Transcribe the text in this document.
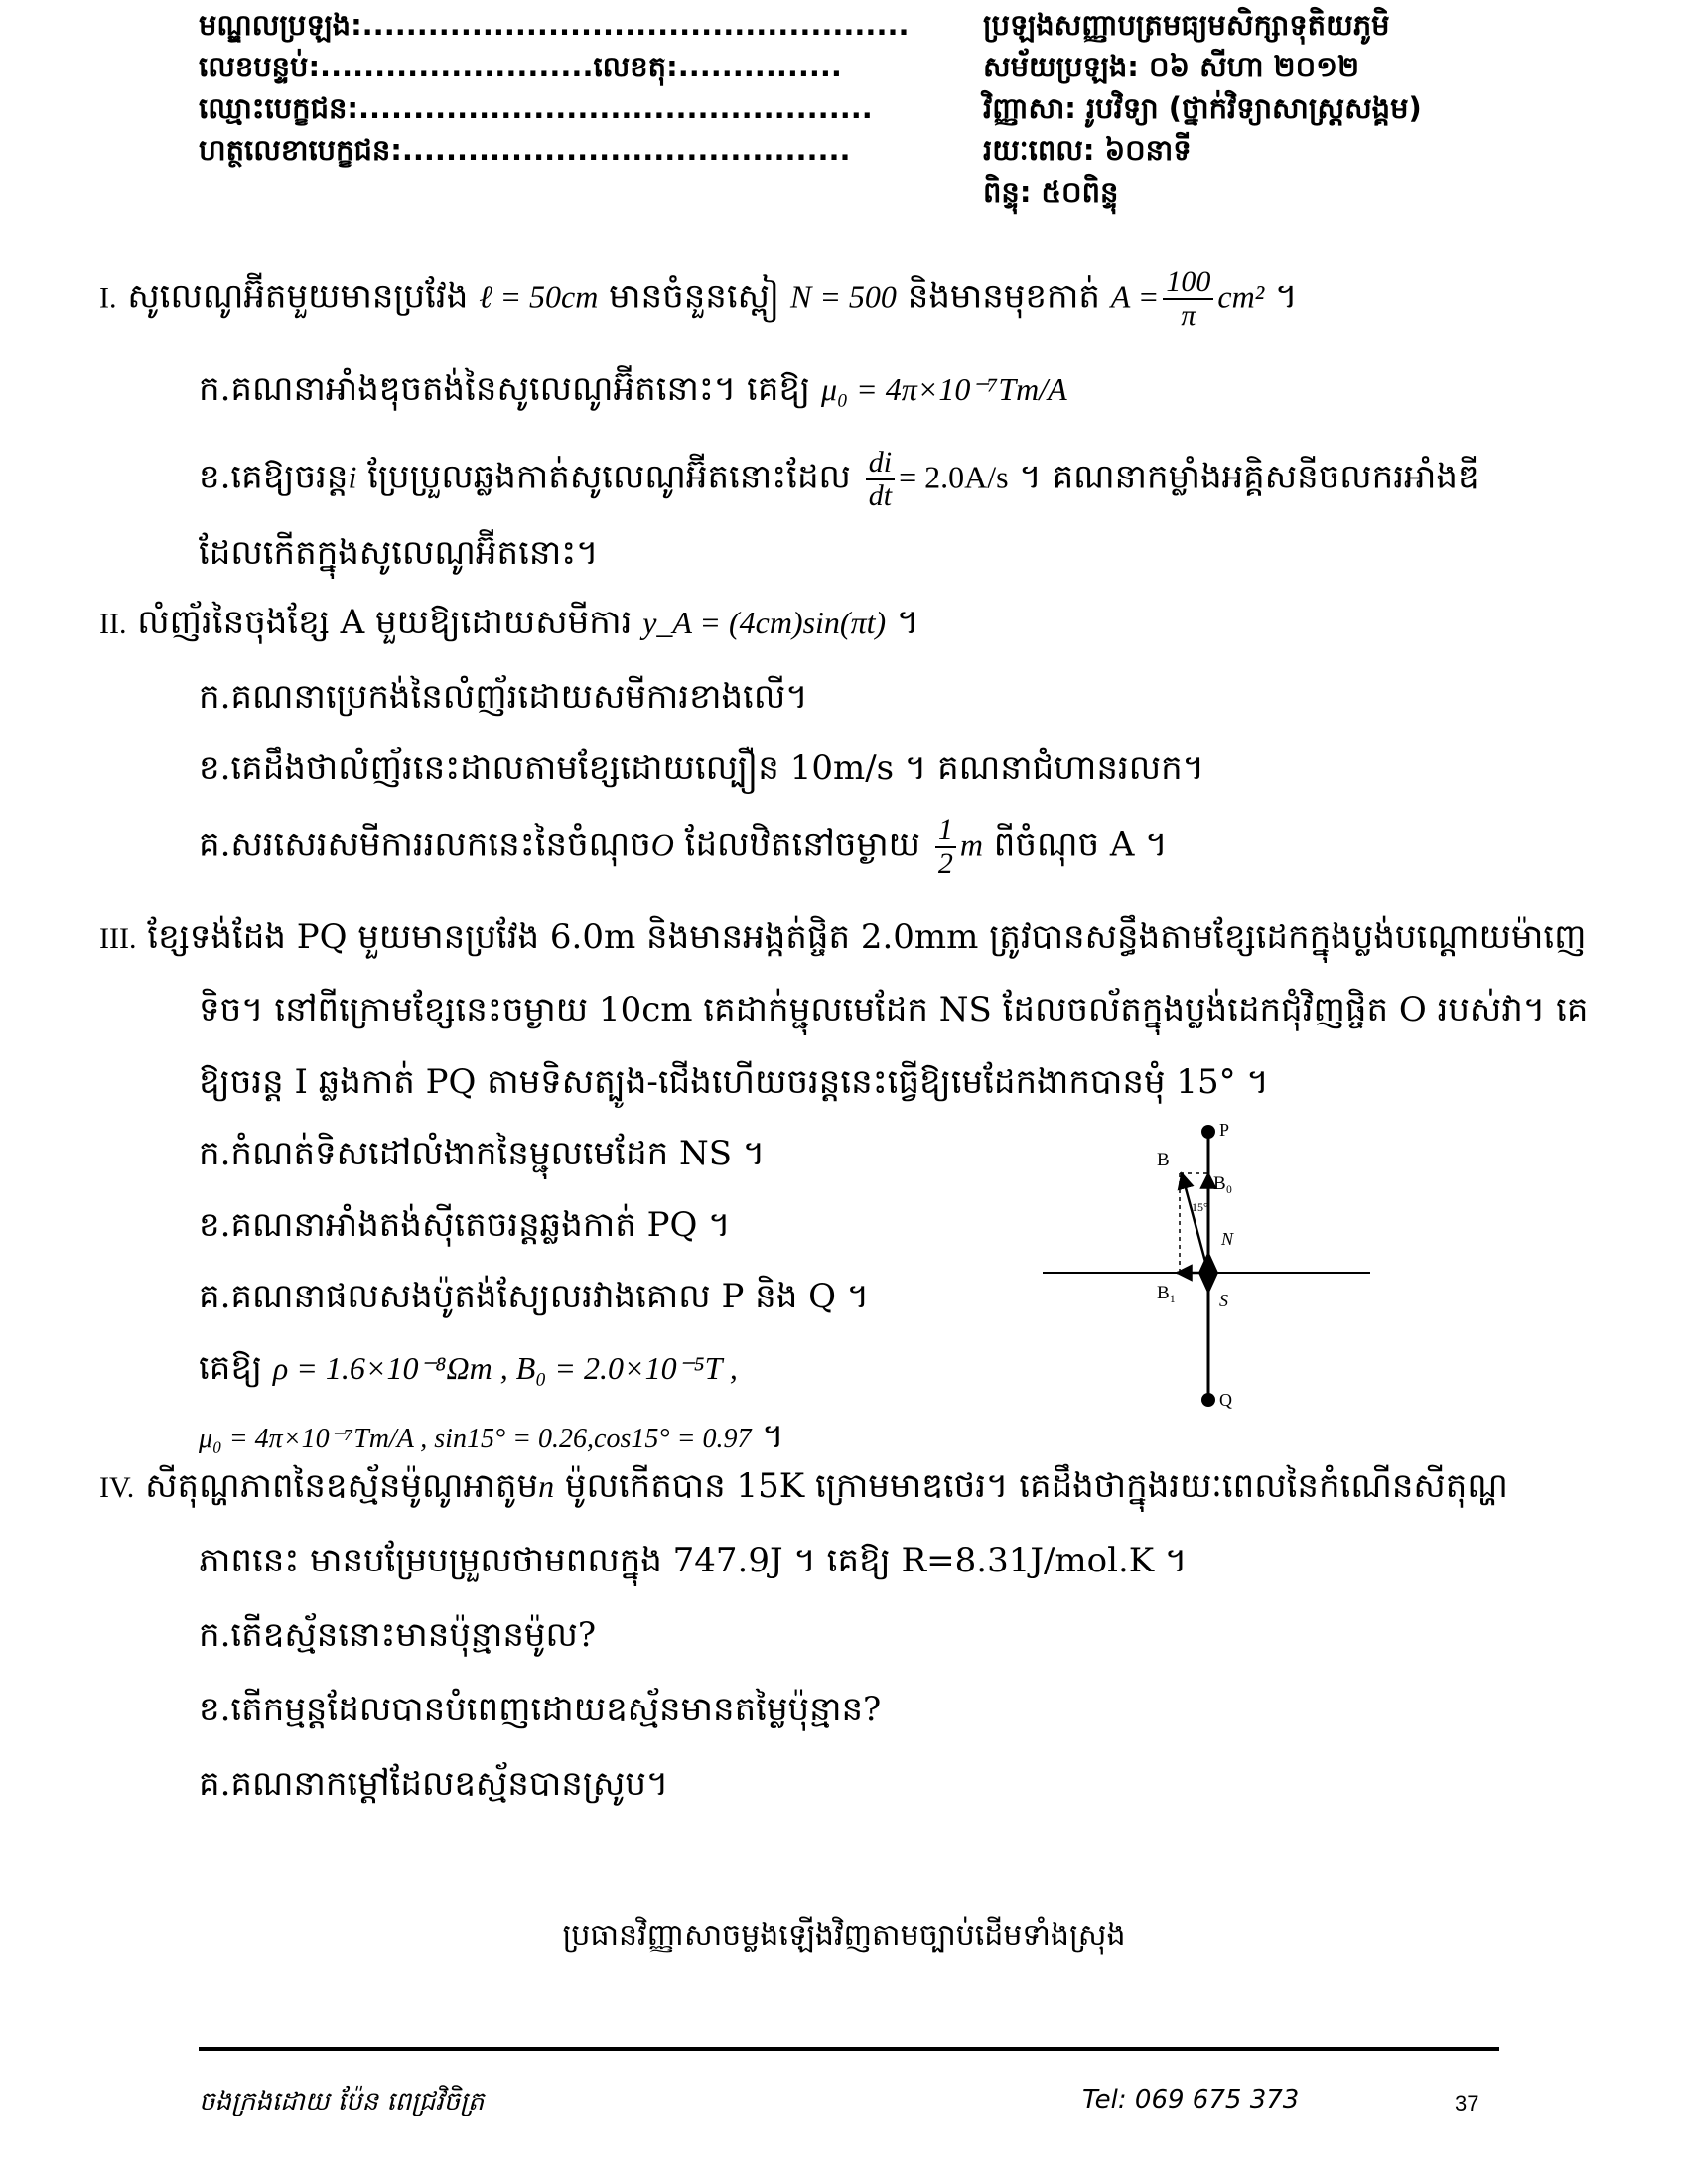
មណ្ឌលប្រឡង:..................................................
លេខបន្ទប់:.........................លេខតុ:...............
ឈ្មោះបេក្ខជន:...............................................
ហត្ថលេខាបេក្ខជន:.........................................
ប្រឡងសញ្ញាបត្រមធ្យមសិក្សាទុតិយភូមិ
សម័យប្រឡង: ០៦ សីហា ២០១២
វិញ្ញាសា: រូបវិទ្យា (ថ្នាក់វិទ្យាសាស្ត្រសង្គម)
រយៈពេល: ៦០នាទី
ពិន្ទុ: ៥០ពិន្ទុ
I. សូលេណូអ៊ីតមួយមានប្រវែង ℓ = 50cm មានចំនួនស្ពៀ N = 500 និងមានមុខកាត់ $A = \frac{100}{\pi} cm^2$ ។
ក.គណនាអាំងឌុចតង់នៃសូលេណូអ៊ីតនោះ។ គេឱ្យ μ₀ = 4π×10⁻⁷Tm/A
ខ.គេឱ្យចរន្តi ប្រែប្រួលឆ្លងកាត់សូលេណូអ៊ីតនោះដែល $\frac{di}{dt} = 2.0A/s$ ។ គណនាកម្លាំងអគ្គិសនីចលករអាំងឌី
ដែលកើតក្នុងសូលេណូអ៊ីតនោះ។
II. លំញ័រនៃចុងខ្សែ A មួយឱ្យដោយសមីការ y_A = (4cm)sin(πt) ។
ក.គណនាប្រេកង់នៃលំញ័រដោយសមីការខាងលើ។
ខ.គេដឹងថាលំញ័រនេះដាលតាមខ្សែដោយល្បឿន 10m/s ។ គណនាជំហានរលក។
គ.សរសេរសមីការរលកនេះនៃចំណុចO ដែលឋិតនៅចម្ងាយ $\frac{1}{2}$ m ពីចំណុច A ។
III. ខ្សែទង់ដែង PQ មួយមានប្រវែង 6.0m និងមានអង្កត់ផ្ចិត 2.0mm ត្រូវបានសន្ធឹងតាមខ្សែដេកក្នុងប្លង់បណ្តោយម៉ាញេ
ទិច។ នៅពីក្រោមខ្សែនេះចម្ងាយ 10cm គេដាក់ម្ជុលមេដែក NS ដែលចល័តក្នុងប្លង់ដេកជុំវិញផ្ចិត O របស់វា។ គេ
ឱ្យចរន្ត I ឆ្លងកាត់ PQ តាមទិសត្បូង-ជើងហើយចរន្តនេះធ្វើឱ្យមេដែកងាកបានមុំ 15° ។
ក.កំណត់ទិសដៅលំងាកនៃម្ជុលមេដែក NS ។
ខ.គណនាអាំងតង់ស៊ីតេចរន្តឆ្លងកាត់ PQ ។
គ.គណនាផលសងប៉ូតង់ស្យែលរវាងគោល P និង Q ។
គេឱ្យ ρ = 1.6×10⁻⁸Ωm , B₀ = 2.0×10⁻⁵T ,
μ₀ = 4π×10⁻⁷Tm/A , sin15° = 0.26,cos15° = 0.97 ។
P
Q
N
S
B
B₀
B₁
15°
IV. សីតុណ្ហភាពនៃឧស្ម័នម៉ូណូអាតូមn ម៉ូលកើតបាន 15K ក្រោមមាឌថេរ។ គេដឹងថាក្នុងរយៈពេលនៃកំណើនសីតុណ្ហ
ភាពនេះ មានបម្រែបម្រួលថាមពលក្នុង 747.9J ។ គេឱ្យ R=8.31J/mol.K ។
ក.តើឧស្ម័ននោះមានប៉ុន្មានម៉ូល?
ខ.តើកម្មន្តដែលបានបំពេញដោយឧស្ម័នមានតម្លៃប៉ុន្មាន?
គ.គណនាកម្តៅដែលឧស្ម័នបានស្រូប។
ប្រធានវិញ្ញាសាចម្លងឡើងវិញតាមច្បាប់ដើមទាំងស្រុង
ចងក្រងដោយ ប៉ែន ពេជ្រវិចិត្រ	Tel: 069 675 373	37
